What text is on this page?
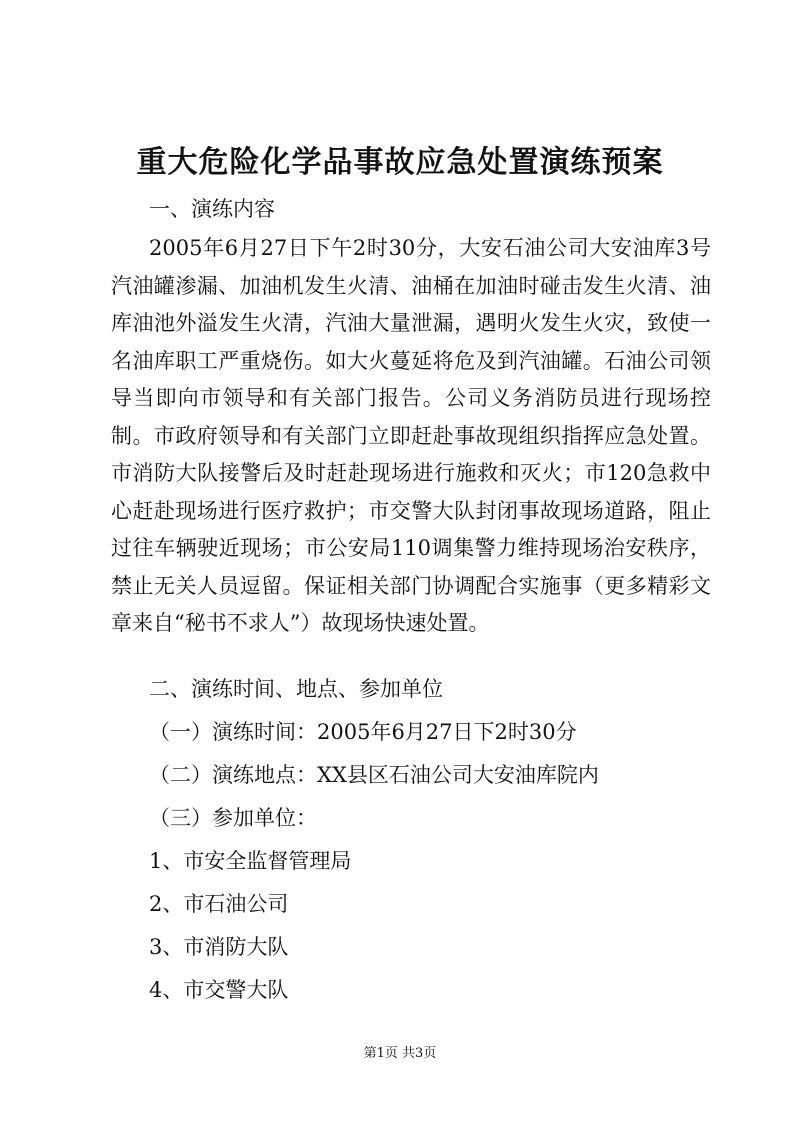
重大危险化学品事故应急处置演练预案

一、演练内容

2005年6月27日下午2时30分，大安石油公司大安油库3号汽油罐渗漏、加油机发生火清、油桶在加油时碰击发生火清、油库油池外溢发生火清，汽油大量泄漏，遇明火发生火灾，致使一名油库职工严重烧伤。如大火蔓延将危及到汽油罐。石油公司领导当即向市领导和有关部门报告。公司义务消防员进行现场控制。市政府领导和有关部门立即赶赴事故现组织指挥应急处置。市消防大队接警后及时赶赴现场进行施救和灭火；市120急救中心赶赴现场进行医疗救护；市交警大队封闭事故现场道路，阻止过往车辆驶近现场；市公安局110调集警力维持现场治安秩序，禁止无关人员逗留。保证相关部门协调配合实施事（更多精彩文章来自“秘书不求人”）故现场快速处置。

二、演练时间、地点、参加单位

（一）演练时间：2005年6月27日下2时30分

（二）演练地点：XX县区石油公司大安油库院内

（三）参加单位：

1、市安全监督管理局

2、市石油公司

3、市消防大队

4、市交警大队

第1页 共3页
